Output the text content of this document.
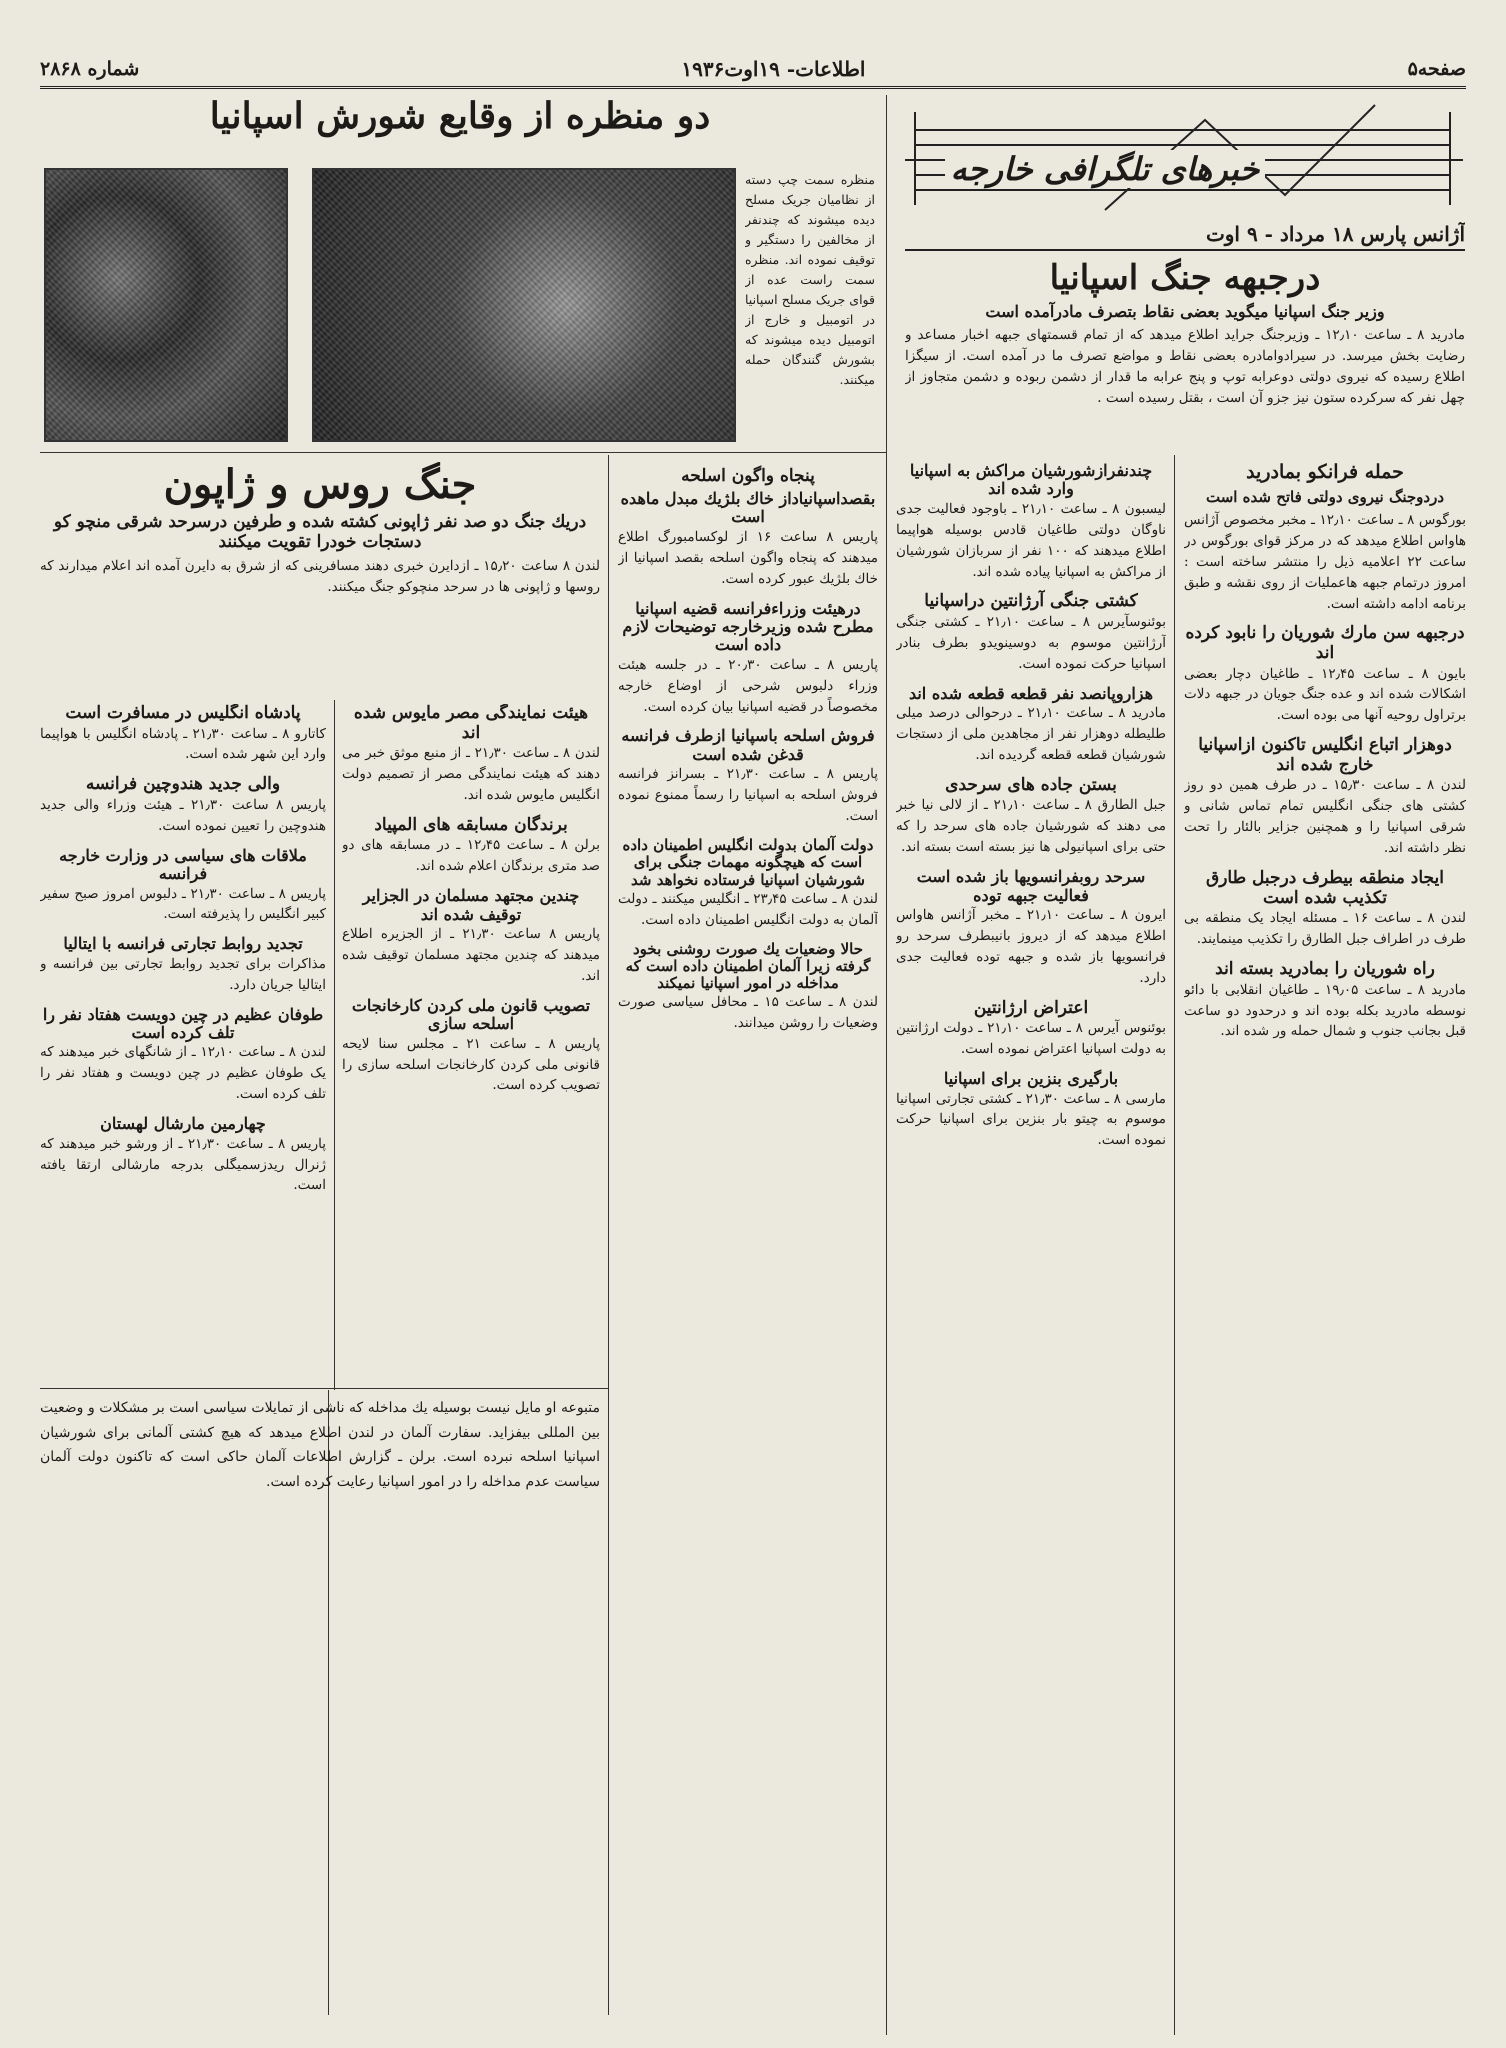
صفحه۵
اطلاعات- ۱۹اوت۱۹۳۶
شماره ۲۸۶۸
خبرهای تلگرافی خارجه
آژانس پارس ۱۸ مرداد - ۹ اوت
درجبهه جنگ اسپانیا
وزیر جنگ اسپانیا میگوید بعضی نقاط بتصرف مادرآمده است
مادرید ۸ ـ ساعت ۱۲٫۱۰ ـ وزیرجنگ جراید اطلاع میدهد که از تمام قسمتهای جبهه اخبار مساعد و رضایت بخش میرسد. در سیرادوامادره بعضی نقاط و مواضع تصرف ما در آمده است. از سیگزا اطلاع رسیده که نیروی دولتی دوعرابه توپ و پنج عرابه ما قدار از دشمن ربوده و دشمن متجاوز از چهل نفر که سرکرده ستون نیز جزو آن است ، بقتل رسیده است .
دو منظره از وقایع شورش اسپانیا
منظره سمت چپ دسته از نظامیان جریک مسلح دیده میشوند که چندنفر از مخالفین را دستگیر و توقیف نموده اند. منظره سمت راست عده از قوای جریک مسلح اسپانیا در اتومبیل و خارج از اتومبیل دیده میشوند که بشورش گنندگان حمله میکنند.
حمله فرانکو بمادرید
دردوجنگ نیروی دولتی فاتح شده است
بورگوس ۸ ـ ساعت ۱۲٫۱۰ ـ مخبر مخصوص آژانس هاواس اطلاع میدهد که در مرکز قوای بورگوس در ساعت ۲۲ اعلامیه ذیل را منتشر ساخته است : امروز درتمام جبهه هاعملیات از روی نقشه و طبق برنامه ادامه داشته است.
درجبهه سن مارك شوریان را نابود کرده اند
بایون ۸ ـ ساعت ۱۲٫۴۵ ـ طاغیان دچار بعضی اشکالات شده اند و عده جنگ جویان در جبهه دلات برتراول روحیه آنها می بوده است.
دوهزار اتباع انگلیس تاکنون ازاسپانیا خارج شده اند
لندن ۸ ـ ساعت ۱۵٫۳۰ ـ در طرف همین دو روز کشتی های جنگی انگلیس تمام تماس شانی و شرقی اسپانیا را و همچنین جزایر بالئار را تحت نظر داشته اند.
ایجاد منطقه بیطرف درجبل طارق تکذیب شده است
لندن ۸ ـ ساعت ۱۶ ـ مسئله ایجاد یک منطقه بی طرف در اطراف جبل الطارق را تکذیب مینمایند.
راه شوریان را بمادرید بسته اند
مادرید ۸ ـ ساعت ۱۹٫۰۵ ـ طاغیان انقلابی با دائو نوسطه مادرید بکله بوده اند و درحدود دو ساعت قبل بجانب جنوب و شمال حمله ور شده اند.
چندنفرازشورشیان مراکش به اسپانیا وارد شده اند
لیسبون ۸ ـ ساعت ۲۱٫۱۰ ـ باوجود فعالیت جدی ناوگان دولتی طاغیان قادس بوسیله هواپیما اطلاع میدهند که ۱۰۰ نفر از سربازان شورشیان از مراکش به اسپانیا پیاده شده اند.
کشتی جنگی آرژانتین دراسپانیا
بوئنوسآیرس ۸ ـ ساعت ۲۱٫۱۰ ـ کشتی جنگی آرژانتین موسوم به دوسینویدو بطرف بنادر اسپانیا حرکت نموده است.
هزاروپانصد نفر قطعه قطعه شده اند
مادرید ۸ ـ ساعت ۲۱٫۱۰ ـ درحوالی درصد میلی طلیطله دوهزار نفر از مجاهدین ملی از دستجات شورشیان قطعه قطعه گردیده اند.
بستن جاده های سرحدی
جبل الطارق ۸ ـ ساعت ۲۱٫۱۰ ـ از لالی نیا خبر می دهند که شورشیان جاده های سرحد را که حتی برای اسپانیولی ها نیز بسته است بسته اند.
سرحد روبفرانسویها باز شده است فعالیت جبهه توده
ایرون ۸ ـ ساعت ۲۱٫۱۰ ـ مخبر آژانس هاواس اطلاع میدهد که از دیروز بانیبطرف سرحد رو فرانسویها باز شده و جبهه توده فعالیت جدی دارد.
اعتراض ارژانتین
بوئنوس آیرس ۸ ـ ساعت ۲۱٫۱۰ ـ دولت ارژانتین به دولت اسپانیا اعتراض نموده است.
بارگیری بنزین برای اسپانیا
مارسی ۸ ـ ساعت ۲۱٫۳۰ ـ کشتی تجارتی اسپانیا موسوم به چیتو بار بنزین برای اسپانیا حرکت نموده است.
پنجاه واگون اسلحه
بقصداسپانیاداز خاك بلژیك مبدل ماهده است
پاریس ۸ ساعت ۱۶ از لوکسامبورگ اطلاع میدهند که پنجاه واگون اسلحه بقصد اسپانیا از خاك بلژیك عبور کرده است.
درهیئت وزراءفرانسه قضیه اسپانیا مطرح شده وزیرخارجه توضیحات لازم داده است
پاریس ۸ ـ ساعت ۲۰٫۳۰ ـ در جلسه هیئت وزراء دلبوس شرحی از اوضاع خارجه مخصوصاً در قضیه اسپانیا بیان کرده است.
فروش اسلحه باسپانیا ازطرف فرانسه قدغن شده است
پاریس ۸ ـ ساعت ۲۱٫۳۰ ـ بسرانز فرانسه فروش اسلحه به اسپانیا را رسماً ممنوع نموده است.
دولت آلمان بدولت انگلیس اطمینان داده است که هیچگونه مهمات جنگی برای شورشیان اسپانیا فرستاده نخواهد شد
لندن ۸ ـ ساعت ۲۳٫۴۵ ـ انگلیس میکنند ـ دولت آلمان به دولت انگلیس اطمینان داده است.
حالا وضعیات یك صورت روشنی بخود گرفته زیرا آلمان اطمینان داده است که مداخله در امور اسپانیا نمیکند
لندن ۸ ـ ساعت ۱۵ ـ محافل سیاسی صورت وضعیات را روشن میدانند.
جنگ روس و ژاپون
دریك جنگ دو صد نفر ژاپونی کشته شده و طرفین درسرحد شرقی منچو کو دستجات خودرا تقویت میکنند
لندن ۸ ساعت ۱۵٫۲۰ ـ ازدایرن خبری دهند مسافرینی که از شرق به دایرن آمده اند اعلام میدارند که روسها و ژاپونی ها در سرحد منچوکو جنگ میکنند.
پادشاه انگلیس در مسافرت است
کاتارو ۸ ـ ساعت ۲۱٫۳۰ ـ پادشاه انگلیس با هواپیما وارد این شهر شده است.
والی جدید هندوچین فرانسه
پاریس ۸ ساعت ۲۱٫۳۰ ـ هیئت وزراء والی جدید هندوچین را تعیین نموده است.
ملاقات های سیاسی در وزارت خارجه فرانسه
پاریس ۸ ـ ساعت ۲۱٫۳۰ ـ دلبوس امروز صبح سفیر کبیر انگلیس را پذیرفته است.
تجدید روابط تجارتی فرانسه با ایتالیا
مذاکرات برای تجدید روابط تجارتی بین فرانسه و ایتالیا جریان دارد.
طوفان عظیم در چین دویست هفتاد نفر را تلف کرده است
لندن ۸ ـ ساعت ۱۲٫۱۰ ـ از شانگهای خبر میدهند که یک طوفان عظیم در چین دویست و هفتاد نفر را تلف کرده است.
چهارمین مارشال لهستان
پاریس ۸ ـ ساعت ۲۱٫۳۰ ـ از ورشو خبر میدهند که ژنرال ریدزسمیگلی بدرجه مارشالی ارتقا یافته است.
هیئت نمایندگی مصر مایوس شده اند
لندن ۸ ـ ساعت ۲۱٫۳۰ ـ از منبع موثق خبر می دهند که هیئت نمایندگی مصر از تصمیم دولت انگلیس مایوس شده اند.
برندگان مسابقه های المپیاد
برلن ۸ ـ ساعت ۱۲٫۴۵ ـ در مسابقه های دو صد متری برندگان اعلام شده اند.
چندین مجتهد مسلمان در الجزایر توقیف شده اند
پاریس ۸ ساعت ۲۱٫۳۰ ـ از الجزیره اطلاع میدهند که چندین مجتهد مسلمان توقیف شده اند.
تصویب قانون ملی کردن کارخانجات اسلحه سازی
پاریس ۸ ـ ساعت ۲۱ ـ مجلس سنا لایحه قانونی ملی کردن کارخانجات اسلحه سازی را تصویب کرده است.
متبوعه او مایل نیست بوسیله یك مداخله که ناشی از تمایلات سیاسی است بر مشکلات و وضعیت بین المللی بیفزاید. سفارت آلمان در لندن اطلاع میدهد که هیچ کشتی آلمانی برای شورشیان اسپانیا اسلحه نبرده است. برلن ـ گزارش اطلاعات آلمان حاکی است که تاکنون دولت آلمان سیاست عدم مداخله را در امور اسپانیا رعایت کرده است.
